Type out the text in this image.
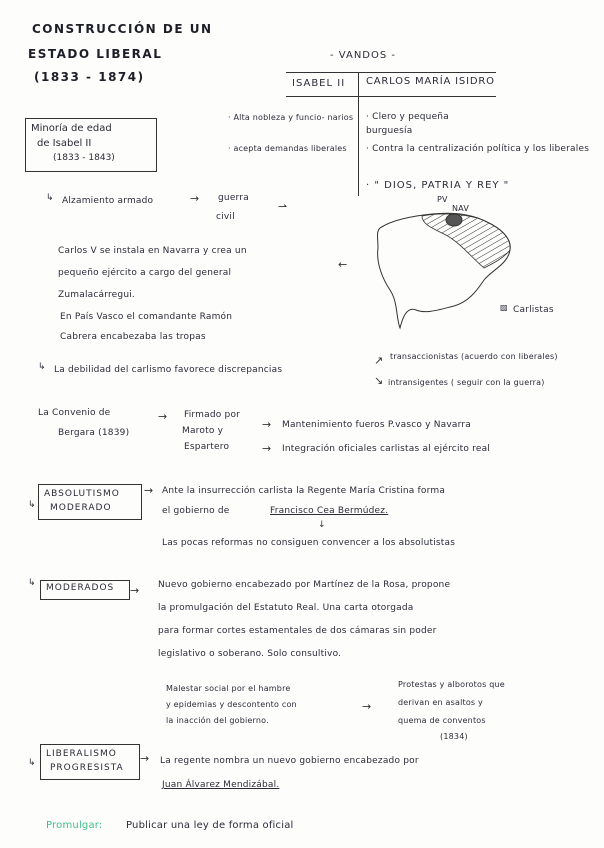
CONSTRUCCIÓN DE UN
ESTADO LIBERAL
(1833 - 1874)
- VANDOS -
ISABEL II CARLOS MARÍA ISIDRO
· Alta nobleza y funcio- narios
· acepta demandas liberales
· Clero y pequeña burguesía
· Contra la centralización política y los liberales
· " DIOS, PATRIA Y REY "
Minoría de edad
de Isabel II
(1833 - 1843)
↳ Alzamiento armado	→ guerra
civil
⇀
Carlos V se instala en Navarra y crea un
pequeño ejército a cargo del general
Zumalacárregui.
←
En País Vasco el comandante Ramón
Cabrera encabezaba las tropas
PV
NAV
▨ Carlistas
↳ La debilidad del carlismo favorece discrepancias
↗
↘
transaccionistas (acuerdo con liberales)
intransigentes ( seguir con la guerra)
La Convenio de
Bergara (1839)
→ Firmado por
Maroto y
Espartero
→ Mantenimiento fueros P.vasco y Navarra
→ Integración oficiales carlistas al ejército real
ABSOLUTISMO
MODERADO
↳
→ Ante la insurrección carlista la Regente María Cristina forma
el gobierno de	Francisco Cea Bermúdez.
↓
Las pocas reformas no consiguen convencer a los absolutistas
MODERADOS
↳
→ Nuevo gobierno encabezado por Martínez de la Rosa, propone
la promulgación del Estatuto Real. Una carta otorgada
para formar cortes estamentales de dos cámaras sin poder
legislativo o soberano. Solo consultivo.
Malestar social por el hambre
y epidemias y descontento con
la inacción del gobierno.
→
Protestas y alborotos que
derivan en asaltos y
quema de conventos
(1834)
LIBERALISMO
PROGRESISTA
↳	→ La regente nombra un nuevo gobierno encabezado por
Juan Álvarez Mendizábal.
Promulgar: Publicar una ley de forma oficial
